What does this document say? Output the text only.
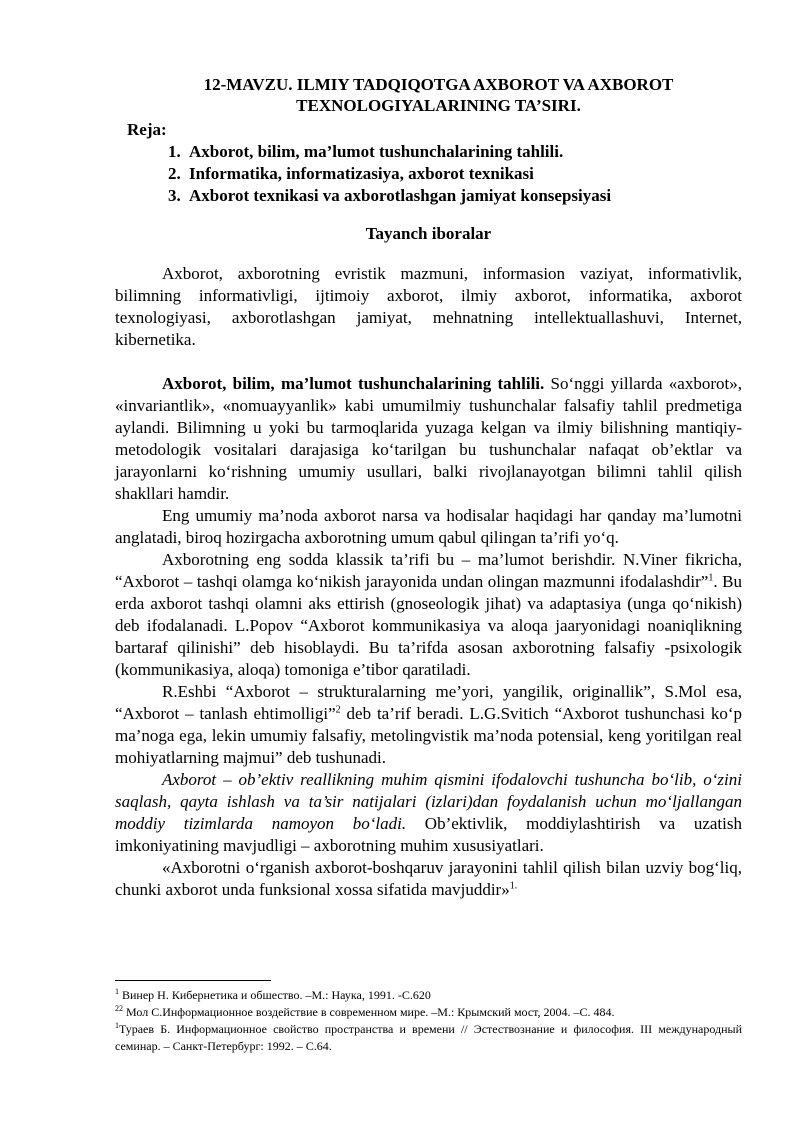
12-MAVZU. ILMIY TADQIQOTGA AXBOROT VA AXBOROT TEXNOLOGIYALARINING TA’SIRI.
Reja:
1. Axborot, bilim, ma’lumot tushunchalarining tahlili.
2. Informatika, informatizasiya, axborot texnikasi
3. Axborot texnikasi va axborotlashgan jamiyat konsepsiyasi
Tayanch iboralar

Axborot, axborotning evristik mazmuni, informasion vaziyat, informativlik, bilimning informativligi, ijtimoiy axborot, ilmiy axborot, informatika, axborot texnologiyasi, axborotlashgan jamiyat, mehnatning intellektuallashuvi, Internet, kibernetika.

Axborot, bilim, ma’lumot tushunchalarining tahlili. So‘nggi yillarda «axborot», «invariantlik», «nomuayyanlik» kabi umumilmiy tushunchalar falsafiy tahlil predmetiga aylandi. Bilimning u yoki bu tarmoqlarida yuzaga kelgan va ilmiy bilishning mantiqiy-metodologik vositalari darajasiga ko‘tarilgan bu tushunchalar nafaqat ob’ektlar va jarayonlarni ko‘rishning umumiy usullari, balki rivojlanayotgan bilimni tahlil qilish shakllari hamdir.

Eng umumiy ma’noda axborot narsa va hodisalar haqidagi har qanday ma’lumotni anglatadi, biroq hozirgacha axborotning umum qabul qilingan ta’rifi yo‘q.

Axborotning eng sodda klassik ta’rifi bu – ma’lumot berishdir. N.Viner fikricha, “Axborot – tashqi olamga ko‘nikish jarayonida undan olingan mazmunni ifodalashdir”$^1$. Bu erda axborot tashqi olamni aks ettirish (gnoseologik jihat) va adaptasiya (unga qo‘nikish) deb ifodalanadi. L.Popov “Axborot kommunikasiya va aloqa jaaryonidagi noaniqlikning bartaraf qilinishi” deb hisoblaydi. Bu ta’rifda asosan axborotning falsafiy -psixologik (kommunikasiya, aloqa) tomoniga e’tibor qaratiladi.

R.Eshbi “Axborot – strukturalarning me’yori, yangilik, originallik”, S.Mol esa, “Axborot – tanlash ehtimolligi”$^2$ deb ta’rif beradi. L.G.Svitich “Axborot tushunchasi ko‘p ma’noga ega, lekin umumiy falsafiy, metolingvistik ma’noda potensial, keng yoritilgan real mohiyatlarning majmui” deb tushunadi.

Axborot – ob’ektiv reallikning muhim qismini ifodalovchi tushuncha bo‘lib, o‘zini saqlash, qayta ishlash va ta’sir natijalari (izlari)dan foydalanish uchun mo‘ljallangan moddiy tizimlarda namoyon bo‘ladi. Ob’ektivlik, moddiylashtirish va uzatish imkoniyatining mavjudligi – axborotning muhim xususiyatlari.

«Axborotni o‘rganish axborot-boshqaruv jarayonini tahlil qilish bilan uzviy bog‘liq, chunki axborot unda funksional xossa sifatida mavjuddir»$^{1.}$

$^1$ Винер Н. Кибернетика и обшество. –М.: Наука, 1991. -С.620

$^{22}$ Мол С.Информационное воздействие в современном мире. –М.: Крымский мост, 2004. –С. 484.

$^1$Тураев Б. Информационное свойство пространства и времени // Эстествознание и философия. III международный семинар. – Санкт-Петербург: 1992. – С.64.
